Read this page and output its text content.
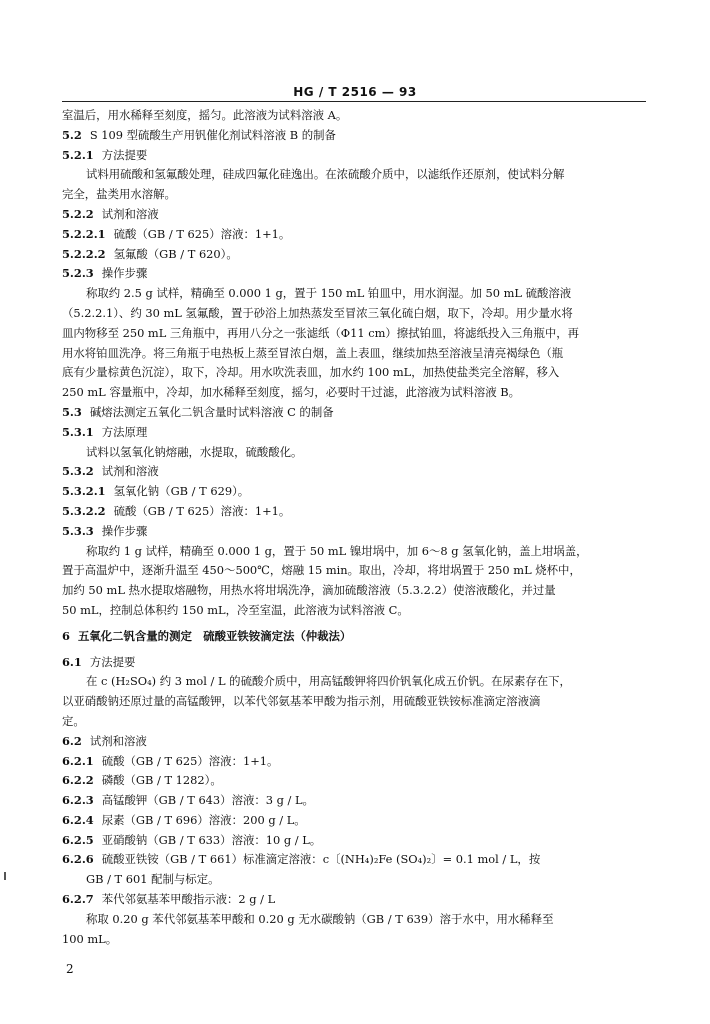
HG / T 2516 — 93
室温后，用水稀释至刻度，摇匀。此溶液为试料溶液 A。
5.2 S 109 型硫酸生产用钒催化剂试料溶液 B 的制备
5.2.1 方法提要
试料用硫酸和氢氟酸处理，硅成四氟化硅逸出。在浓硫酸介质中，以滤纸作还原剂，使试料分解
完全，盐类用水溶解。
5.2.2 试剂和溶液
5.2.2.1 硫酸（GB / T 625）溶液：1+1。
5.2.2.2 氢氟酸（GB / T 620）。
5.2.3 操作步骤
称取约 2.5 g 试样，精确至 0.000 1 g，置于 150 mL 铂皿中，用水润湿。加 50 mL 硫酸溶液
（5.2.2.1）、约 30 mL 氢氟酸，置于砂浴上加热蒸发至冒浓三氧化硫白烟，取下，冷却。用少量水将
皿内物移至 250 mL 三角瓶中，再用八分之一张滤纸（Φ11 cm）擦拭铂皿，将滤纸投入三角瓶中，再
用水将铂皿洗净。将三角瓶于电热板上蒸至冒浓白烟，盖上表皿，继续加热至溶液呈清亮褐绿色（瓶
底有少量棕黄色沉淀），取下，冷却。用水吹洗表皿，加水约 100 mL，加热使盐类完全溶解，移入
250 mL 容量瓶中，冷却，加水稀释至刻度，摇匀，必要时干过滤，此溶液为试料溶液 B。
5.3 碱熔法测定五氧化二钒含量时试料溶液 C 的制备
5.3.1 方法原理
试料以氢氧化钠熔融，水提取，硫酸酸化。
5.3.2 试剂和溶液
5.3.2.1 氢氧化钠（GB / T 629）。
5.3.2.2 硫酸（GB / T 625）溶液：1+1。
5.3.3 操作步骤
称取约 1 g 试样，精确至 0.000 1 g，置于 50 mL 镍坩埚中，加 6～8 g 氢氧化钠，盖上坩埚盖，
置于高温炉中，逐渐升温至 450～500℃，熔融 15 min。取出，冷却，将坩埚置于 250 mL 烧杯中，
加约 50 mL 热水提取熔融物，用热水将坩埚洗净，滴加硫酸溶液（5.3.2.2）使溶液酸化，并过量
50 mL，控制总体积约 150 mL，冷至室温，此溶液为试料溶液 C。
6 五氧化二钒含量的测定　硫酸亚铁铵滴定法（仲裁法）
6.1 方法提要
在 c (H₂SO₄) 约 3 mol / L 的硫酸介质中，用高锰酸钾将四价钒氧化成五价钒。在尿素存在下，
以亚硝酸钠还原过量的高锰酸钾，以苯代邻氨基苯甲酸为指示剂，用硫酸亚铁铵标准滴定溶液滴
定。
6.2 试剂和溶液
6.2.1 硫酸（GB / T 625）溶液：1+1。
6.2.2 磷酸（GB / T 1282）。
6.2.3 高锰酸钾（GB / T 643）溶液：3 g / L。
6.2.4 尿素（GB / T 696）溶液：200 g / L。
6.2.5 亚硝酸钠（GB / T 633）溶液：10 g / L。
6.2.6 硫酸亚铁铵（GB / T 661）标准滴定溶液：c〔(NH₄)₂Fe (SO₄)₂〕= 0.1 mol / L，按
GB / T 601 配制与标定。
6.2.7 苯代邻氨基苯甲酸指示液：2 g / L
称取 0.20 g 苯代邻氨基苯甲酸和 0.20 g 无水碳酸钠（GB / T 639）溶于水中，用水稀释至
100 mL。
2
